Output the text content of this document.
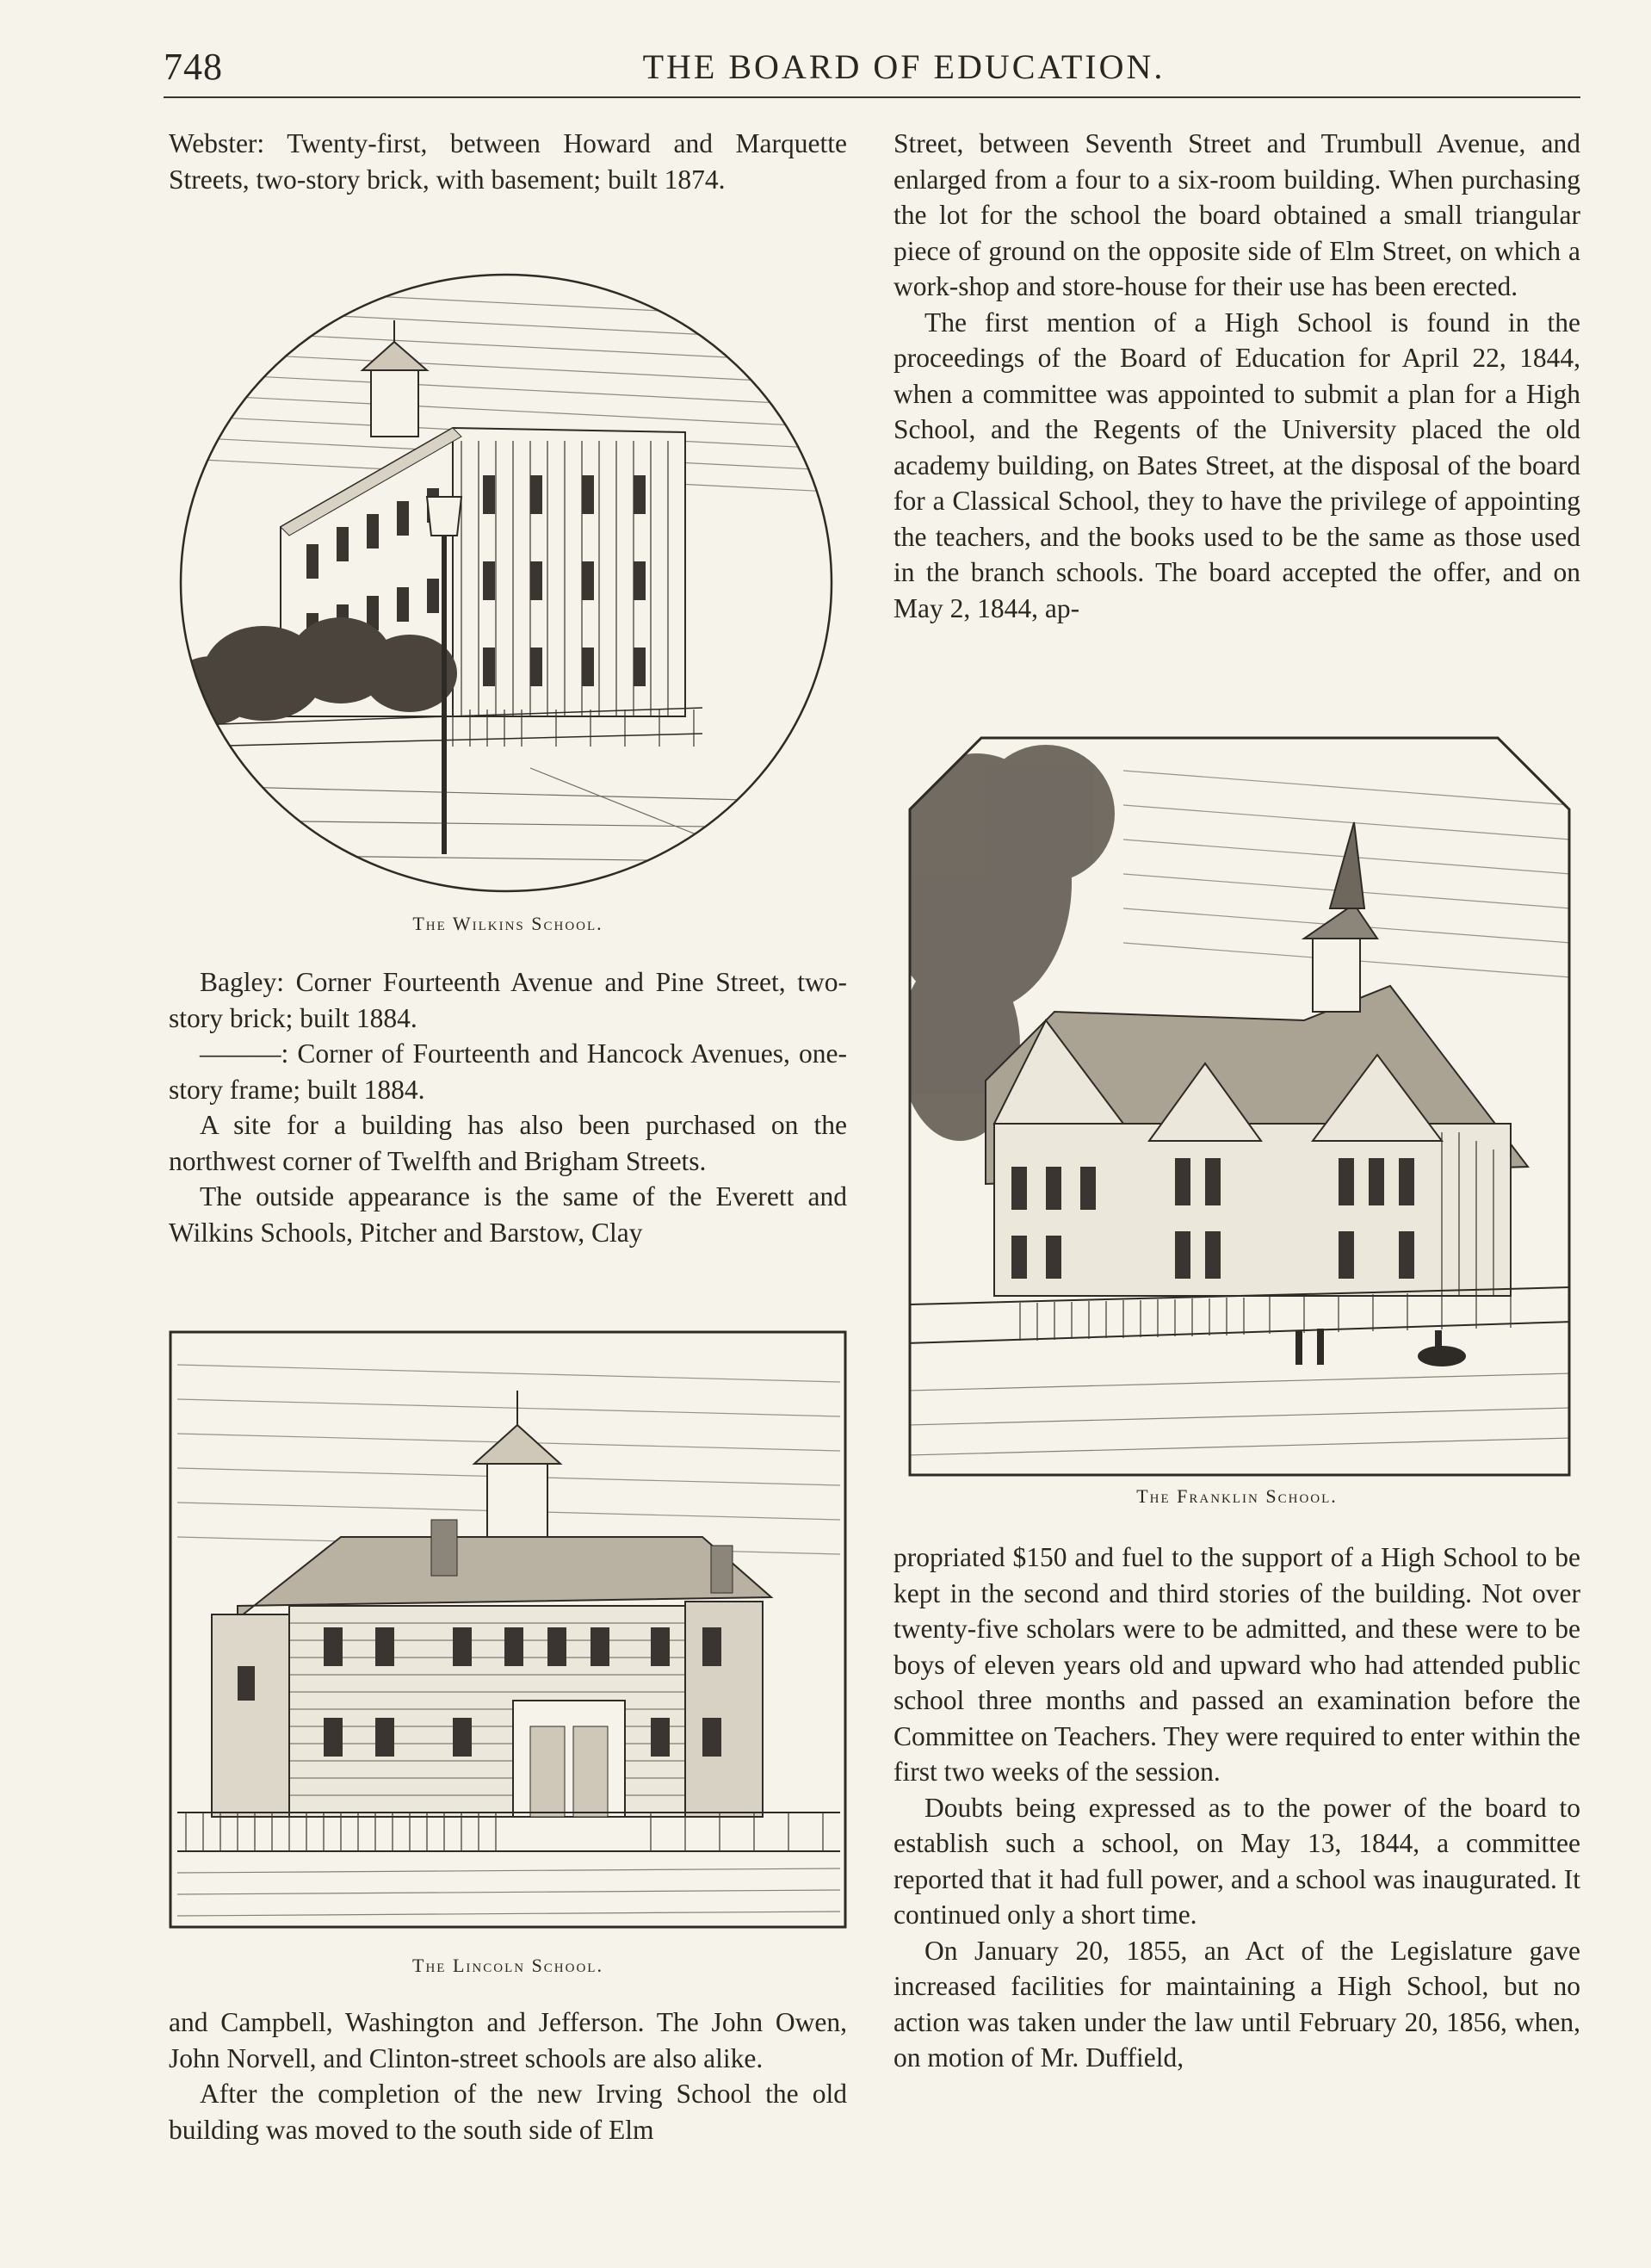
748	THE BOARD OF EDUCATION.

Webster: Twenty-first, between Howard and Marquette Streets, two-story brick, with basement; built 1874.

The Wilkins School.

Bagley: Corner Fourteenth Avenue and Pine Street, two-story brick; built 1884.

———: Corner of Fourteenth and Hancock Avenues, one-story frame; built 1884.

A site for a building has also been purchased on the northwest corner of Twelfth and Brigham Streets.

The outside appearance is the same of the Everett and Wilkins Schools, Pitcher and Barstow, Clay

The Lincoln School.

and Campbell, Washington and Jefferson. The John Owen, John Norvell, and Clinton-street schools are also alike.

After the completion of the new Irving School the old building was moved to the south side of Elm

Street, between Seventh Street and Trumbull Avenue, and enlarged from a four to a six-room building. When purchasing the lot for the school the board obtained a small triangular piece of ground on the opposite side of Elm Street, on which a work-shop and store-house for their use has been erected.

The first mention of a High School is found in the proceedings of the Board of Education for April 22, 1844, when a committee was appointed to submit a plan for a High School, and the Regents of the University placed the old academy building, on Bates Street, at the disposal of the board for a Classical School, they to have the privilege of appointing the teachers, and the books used to be the same as those used in the branch schools. The board accepted the offer, and on May 2, 1844, ap-

The Franklin School.

propriated $150 and fuel to the support of a High School to be kept in the second and third stories of the building. Not over twenty-five scholars were to be admitted, and these were to be boys of eleven years old and upward who had attended public school three months and passed an examination before the Committee on Teachers. They were required to enter within the first two weeks of the session.

Doubts being expressed as to the power of the board to establish such a school, on May 13, 1844, a committee reported that it had full power, and a school was inaugurated. It continued only a short time.

On January 20, 1855, an Act of the Legislature gave increased facilities for maintaining a High School, but no action was taken under the law until February 20, 1856, when, on motion of Mr. Duffield,
